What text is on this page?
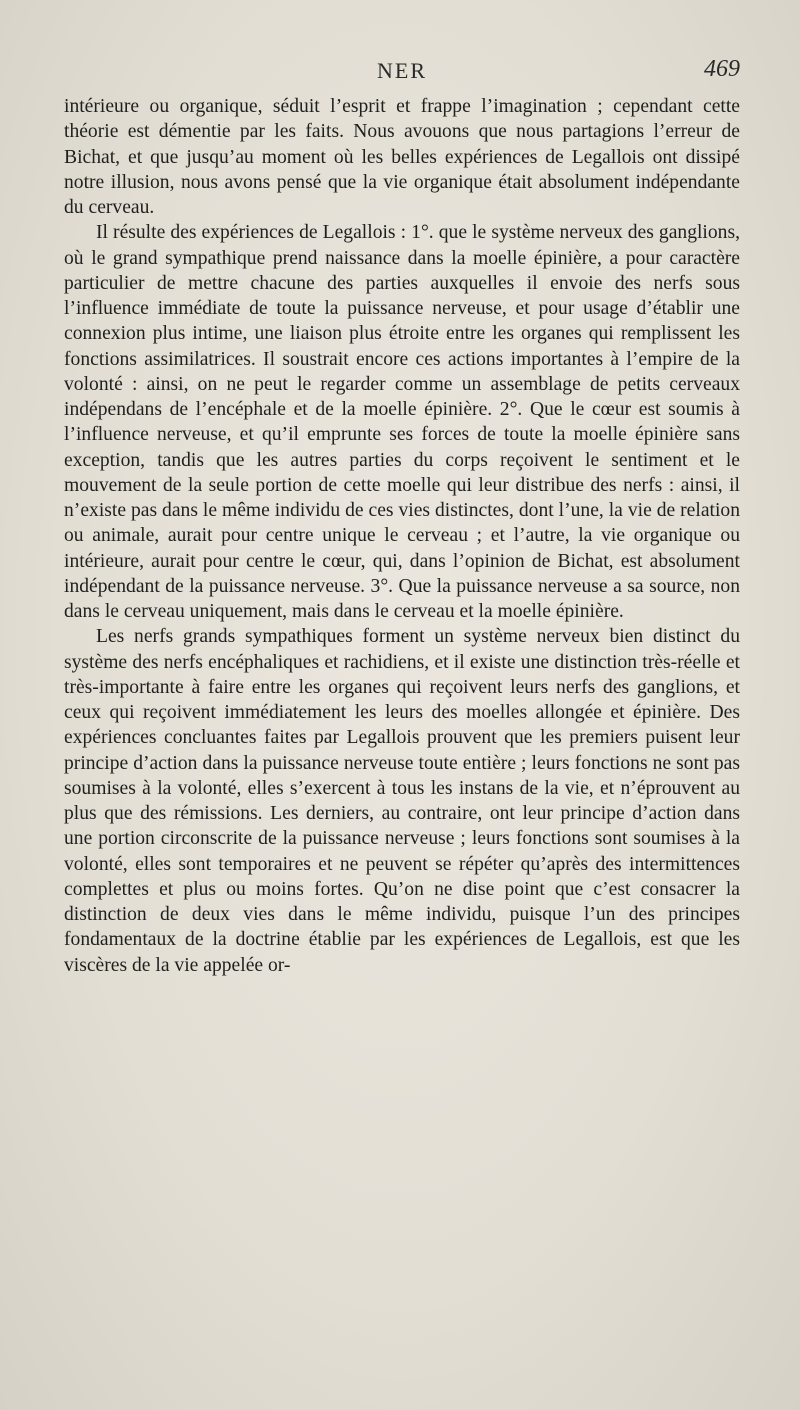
NER	469

intérieure ou organique, séduit l’esprit et frappe l’imagination ; cependant cette théorie est démentie par les faits. Nous avouons que nous partagions l’erreur de Bichat, et que jusqu’au moment où les belles expériences de Legallois ont dissipé notre illusion, nous avons pensé que la vie organique était absolument indépendante du cerveau.

Il résulte des expériences de Legallois : 1°. que le système nerveux des ganglions, où le grand sympathique prend naissance dans la moelle épinière, a pour caractère particulier de mettre chacune des parties auxquelles il envoie des nerfs sous l’influence immédiate de toute la puissance nerveuse, et pour usage d’établir une connexion plus intime, une liaison plus étroite entre les organes qui remplissent les fonctions assimilatrices. Il soustrait encore ces actions importantes à l’empire de la volonté : ainsi, on ne peut le regarder comme un assemblage de petits cerveaux indépendans de l’encéphale et de la moelle épinière. 2°. Que le cœur est soumis à l’influence nerveuse, et qu’il emprunte ses forces de toute la moelle épinière sans exception, tandis que les autres parties du corps reçoivent le sentiment et le mouvement de la seule portion de cette moelle qui leur distribue des nerfs : ainsi, il n’existe pas dans le même individu de ces vies distinctes, dont l’une, la vie de relation ou animale, aurait pour centre unique le cerveau ; et l’autre, la vie organique ou intérieure, aurait pour centre le cœur, qui, dans l’opinion de Bichat, est absolument indépendant de la puissance nerveuse. 3°. Que la puissance nerveuse a sa source, non dans le cerveau uniquement, mais dans le cerveau et la moelle épinière.

Les nerfs grands sympathiques forment un système nerveux bien distinct du système des nerfs encéphaliques et rachidiens, et il existe une distinction très-réelle et très-importante à faire entre les organes qui reçoivent leurs nerfs des ganglions, et ceux qui reçoivent immédiatement les leurs des moelles allongée et épinière. Des expériences concluantes faites par Legallois prouvent que les premiers puisent leur principe d’action dans la puissance nerveuse toute entière ; leurs fonctions ne sont pas soumises à la volonté, elles s’exercent à tous les instans de la vie, et n’éprouvent au plus que des rémissions. Les derniers, au contraire, ont leur principe d’action dans une portion circonscrite de la puissance nerveuse ; leurs fonctions sont soumises à la volonté, elles sont temporaires et ne peuvent se répéter qu’après des intermittences complettes et plus ou moins fortes. Qu’on ne dise point que c’est consacrer la distinction de deux vies dans le même individu, puisque l’un des principes fondamentaux de la doctrine établie par les expériences de Legallois, est que les viscères de la vie appelée or-
